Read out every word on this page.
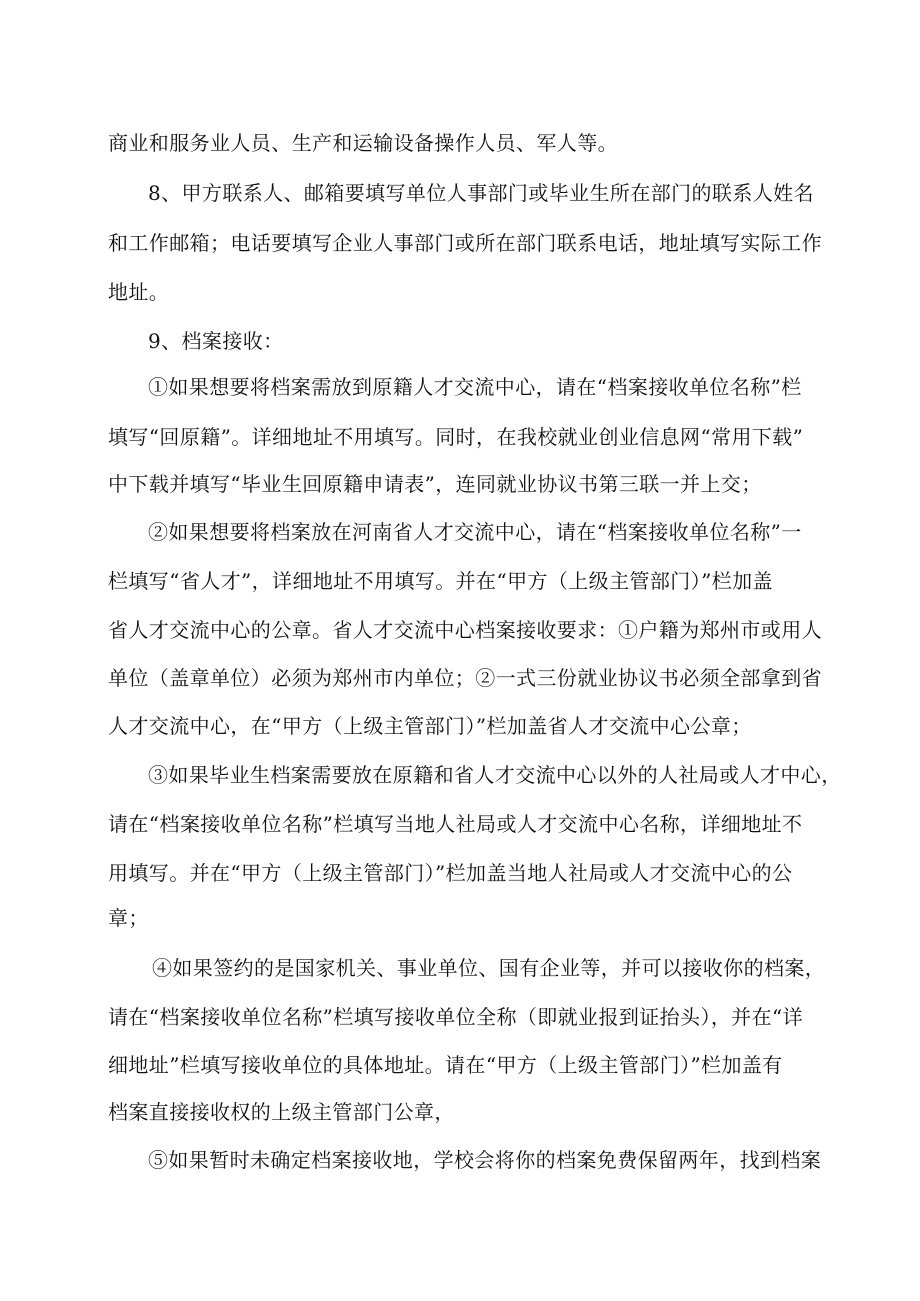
商业和服务业人员、生产和运输设备操作人员、军人等。

8、甲方联系人、邮箱要填写单位人事部门或毕业生所在部门的联系人姓名

和工作邮箱；电话要填写企业人事部门或所在部门联系电话，地址填写实际工作

地址。

9、档案接收：

①如果想要将档案需放到原籍人才交流中心，请在“档案接收单位名称”栏

填写“回原籍”。详细地址不用填写。同时，在我校就业创业信息网“常用下载”

中下载并填写“毕业生回原籍申请表”，连同就业协议书第三联一并上交；

②如果想要将档案放在河南省人才交流中心，请在“档案接收单位名称”一

栏填写“省人才”，详细地址不用填写。并在“甲方（上级主管部门）”栏加盖

省人才交流中心的公章。省人才交流中心档案接收要求：①户籍为郑州市或用人

单位（盖章单位）必须为郑州市内单位；②一式三份就业协议书必须全部拿到省

人才交流中心，在“甲方（上级主管部门）”栏加盖省人才交流中心公章；

③如果毕业生档案需要放在原籍和省人才交流中心以外的人社局或人才中心，

请在“档案接收单位名称”栏填写当地人社局或人才交流中心名称，详细地址不

用填写。并在“甲方（上级主管部门）”栏加盖当地人社局或人才交流中心的公

章；

④如果签约的是国家机关、事业单位、国有企业等，并可以接收你的档案，

请在“档案接收单位名称”栏填写接收单位全称（即就业报到证抬头），并在“详

细地址”栏填写接收单位的具体地址。请在“甲方（上级主管部门）”栏加盖有

档案直接接收权的上级主管部门公章，

⑤如果暂时未确定档案接收地，学校会将你的档案免费保留两年，找到档案
